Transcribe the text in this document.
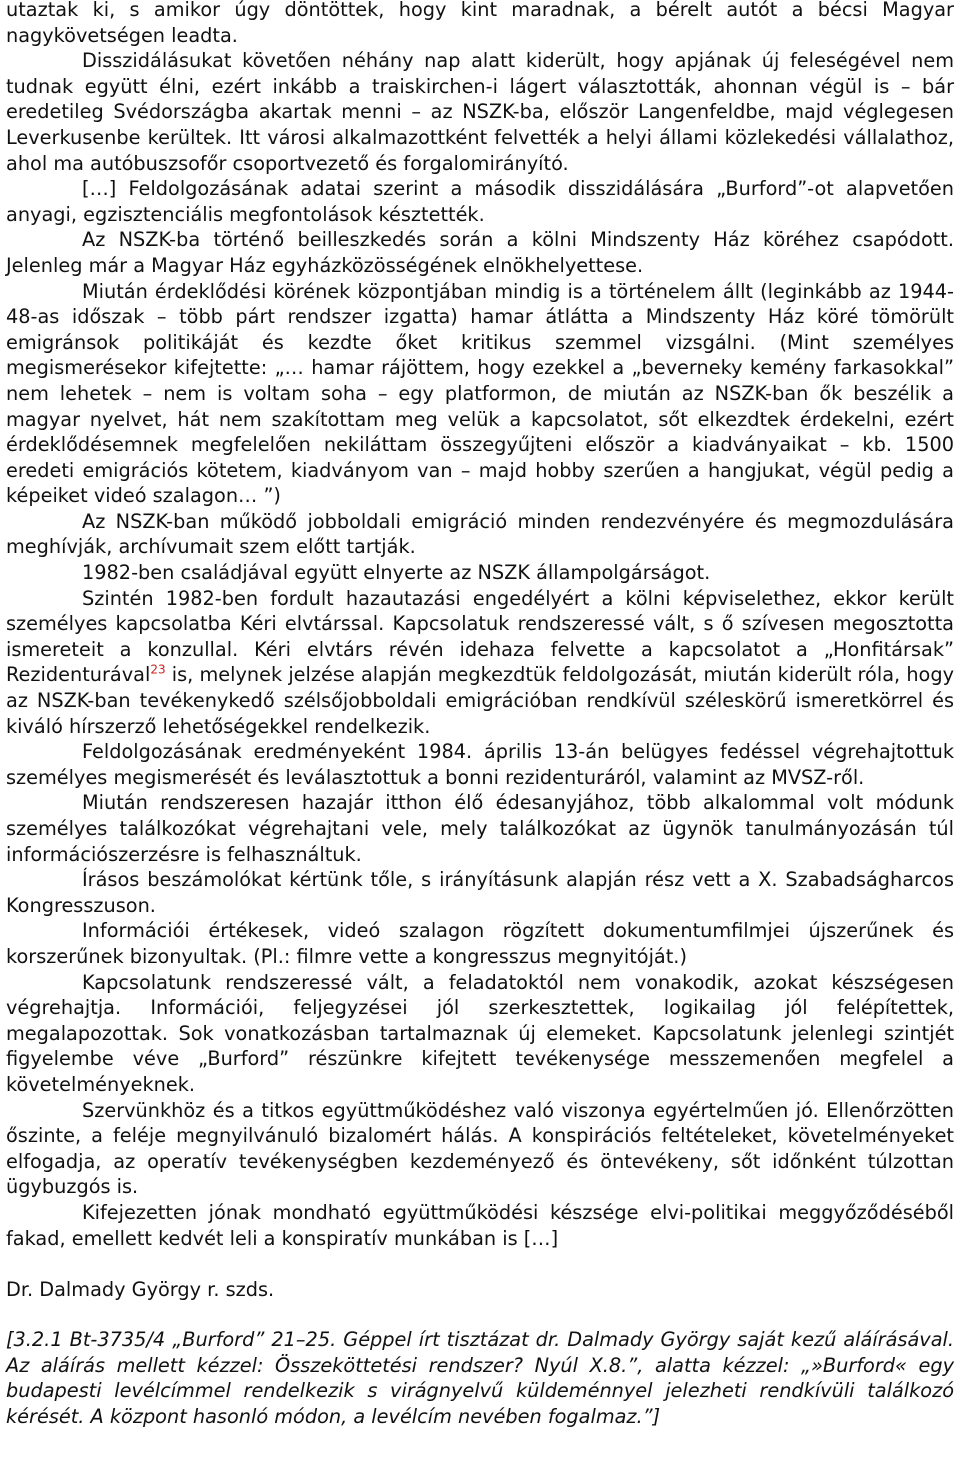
utaztak ki, s amikor úgy döntöttek, hogy kint maradnak, a bérelt autót a bécsi Magyar nagykövetségen leadta.

Disszidálásukat követően néhány nap alatt kiderült, hogy apjának új feleségével nem tudnak együtt élni, ezért inkább a traiskirchen-i lágert választották, ahonnan végül is – bár eredetileg Svédországba akartak menni – az NSZK-ba, először Langenfeldbe, majd véglegesen Leverkusenbe kerültek. Itt városi alkalmazottként felvették a helyi állami közlekedési vállalathoz, ahol ma autóbuszsofőr csoportvezető és forgalomirányító.

[…] Feldolgozásának adatai szerint a második disszidálására „Burford”-ot alapvetően anyagi, egzisztenciális megfontolások késztették.

Az NSZK-ba történő beilleszkedés során a kölni Mindszenty Ház köréhez csapódott. Jelenleg már a Magyar Ház egyházközösségének elnökhelyettese.

Miután érdeklődési körének központjában mindig is a történelem állt (leginkább az 1944-48-as időszak – több párt rendszer izgatta) hamar átlátta a Mindszenty Ház köré tömörült emigránsok politikáját és kezdte őket kritikus szemmel vizsgálni. (Mint személyes megismerésekor kifejtette: „… hamar rájöttem, hogy ezekkel a „beverneky kemény farkasokkal” nem lehetek – nem is voltam soha – egy platformon, de miután az NSZK-ban ők beszélik a magyar nyelvet, hát nem szakítottam meg velük a kapcsolatot, sőt elkezdtek érdekelni, ezért érdeklődésemnek megfelelően nekiláttam összegyűjteni először a kiadványaikat – kb. 1500 eredeti emigrációs kötetem, kiadványom van – majd hobby szerűen a hangjukat, végül pedig a képeiket videó szalagon… ”)

Az NSZK-ban működő jobboldali emigráció minden rendezvényére és megmozdulására meghívják, archívumait szem előtt tartják.

1982-ben családjával együtt elnyerte az NSZK állampolgárságot.

Szintén 1982-ben fordult hazautazási engedélyért a kölni képviselethez, ekkor került személyes kapcsolatba Kéri elvtárssal. Kapcsolatuk rendszeressé vált, s ő szívesen megosztotta ismereteit a konzullal. Kéri elvtárs révén idehaza felvette a kapcsolatot a „Honfitársak” Rezidenturával$^{23}$ is, melynek jelzése alapján megkezdtük feldolgozását, miután kiderült róla, hogy az NSZK-ban tevékenykedő szélsőjobboldali emigrációban rendkívül széleskörű ismeretkörrel és kiváló hírszerző lehetőségekkel rendelkezik.

Feldolgozásának eredményeként 1984. április 13-án belügyes fedéssel végrehajtottuk személyes megismerését és leválasztottuk a bonni rezidenturáról, valamint az MVSZ-ről.

Miután rendszeresen hazajár itthon élő édesanyjához, több alkalommal volt módunk személyes találkozókat végrehajtani vele, mely találkozókat az ügynök tanulmányozásán túl információszerzésre is felhasználtuk.

Írásos beszámolókat kértünk tőle, s irányításunk alapján rész vett a X. Szabadságharcos Kongresszuson.

Információi értékesek, videó szalagon rögzített dokumentumfilmjei újszerűnek és korszerűnek bizonyultak. (Pl.: filmre vette a kongresszus megnyitóját.)

Kapcsolatunk rendszeressé vált, a feladatoktól nem vonakodik, azokat készségesen végrehajtja. Információi, feljegyzései jól szerkesztettek, logikailag jól felépítettek, megalapozottak. Sok vonatkozásban tartalmaznak új elemeket. Kapcsolatunk jelenlegi szintjét figyelembe véve „Burford” részünkre kifejtett tevékenysége messzemenően megfelel a követelményeknek.

Szervünkhöz és a titkos együttműködéshez való viszonya egyértelműen jó. Ellenőrzötten őszinte, a feléje megnyilvánuló bizalomért hálás. A konspirációs feltételeket, követelményeket elfogadja, az operatív tevékenységben kezdeményező és öntevékeny, sőt időnként túlzottan ügybuzgós is.

Kifejezetten jónak mondható együttműködési készsége elvi-politikai meggyőződéséből fakad, emellett kedvét leli a konspiratív munkában is […]

Dr. Dalmady György r. szds.

[3.2.1 Bt-3735/4 „Burford” 21–25. Géppel írt tisztázat dr. Dalmady György saját kezű aláírásával. Az aláírás mellett kézzel: Összeköttetési rendszer? Nyúl X.8.”, alatta kézzel: „»Burford« egy budapesti levélcímmel rendelkezik s virágnyelvű küldeménnyel jelezheti rendkívüli találkozó kérését. A központ hasonló módon, a levélcím nevében fogalmaz.”]
